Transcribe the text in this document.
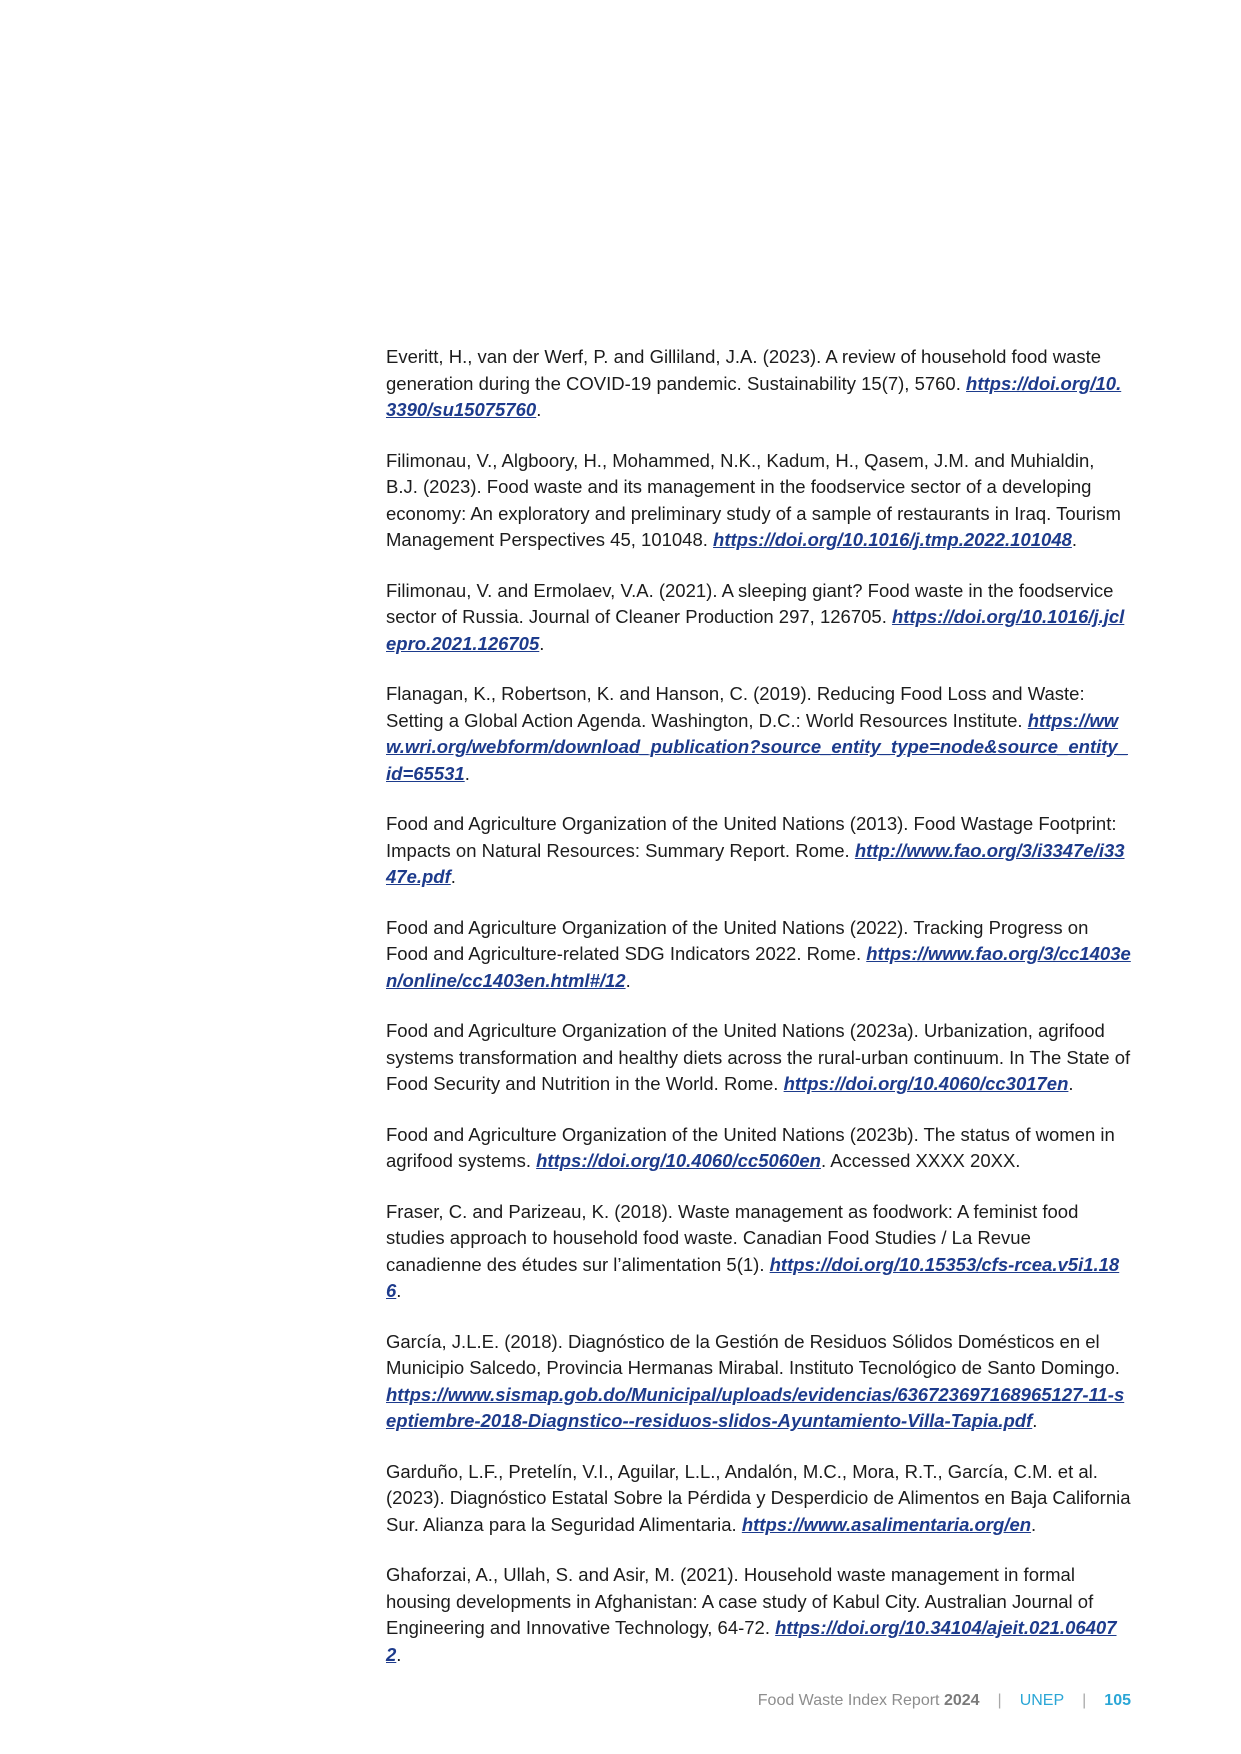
Everitt, H., van der Werf, P. and Gilliland, J.A. (2023). A review of household food waste generation during the COVID-19 pandemic. Sustainability 15(7), 5760. https://doi.org/10.3390/su15075760.

Filimonau, V., Algboory, H., Mohammed, N.K., Kadum, H., Qasem, J.M. and Muhialdin, B.J. (2023). Food waste and its management in the foodservice sector of a developing economy: An exploratory and preliminary study of a sample of restaurants in Iraq. Tourism Management Perspectives 45, 101048. https://doi.org/10.1016/j.tmp.2022.101048.

Filimonau, V. and Ermolaev, V.A. (2021). A sleeping giant? Food waste in the foodservice sector of Russia. Journal of Cleaner Production 297, 126705. https://doi.org/10.1016/j.jclepro.2021.126705.

Flanagan, K., Robertson, K. and Hanson, C. (2019). Reducing Food Loss and Waste: Setting a Global Action Agenda. Washington, D.C.: World Resources Institute. https://www.wri.org/webform/download_publication?source_entity_type=node&source_entity_id=65531.

Food and Agriculture Organization of the United Nations (2013). Food Wastage Footprint: Impacts on Natural Resources: Summary Report. Rome. http://www.fao.org/3/i3347e/i3347e.pdf.

Food and Agriculture Organization of the United Nations (2022). Tracking Progress on Food and Agriculture-related SDG Indicators 2022. Rome. https://www.fao.org/3/cc1403en/online/cc1403en.html#/12.

Food and Agriculture Organization of the United Nations (2023a). Urbanization, agrifood systems transformation and healthy diets across the rural-urban continuum. In The State of Food Security and Nutrition in the World. Rome. https://doi.org/10.4060/cc3017en.

Food and Agriculture Organization of the United Nations (2023b). The status of women in agrifood systems. https://doi.org/10.4060/cc5060en. Accessed XXXX 20XX.

Fraser, C. and Parizeau, K. (2018). Waste management as foodwork: A feminist food studies approach to household food waste. Canadian Food Studies / La Revue canadienne des études sur l’alimentation 5(1). https://doi.org/10.15353/cfs-rcea.v5i1.186.

García, J.L.E. (2018). Diagnóstico de la Gestión de Residuos Sólidos Domésticos en el Municipio Salcedo, Provincia Hermanas Mirabal. Instituto Tecnológico de Santo Domingo. https://www.sismap.gob.do/Municipal/uploads/evidencias/636723697168965127-11-septiembre-2018-Diagnstico--residuos-slidos-Ayuntamiento-Villa-Tapia.pdf.

Garduño, L.F., Pretelín, V.I., Aguilar, L.L., Andalón, M.C., Mora, R.T., García, C.M. et al. (2023). Diagnóstico Estatal Sobre la Pérdida y Desperdicio de Alimentos en Baja California Sur. Alianza para la Seguridad Alimentaria. https://www.asalimentaria.org/en.

Ghaforzai, A., Ullah, S. and Asir, M. (2021). Household waste management in formal housing developments in Afghanistan: A case study of Kabul City. Australian Journal of Engineering and Innovative Technology, 64-72. https://doi.org/10.34104/ajeit.021.064072.

Food Waste Index Report 2024 | UNEP | 105
